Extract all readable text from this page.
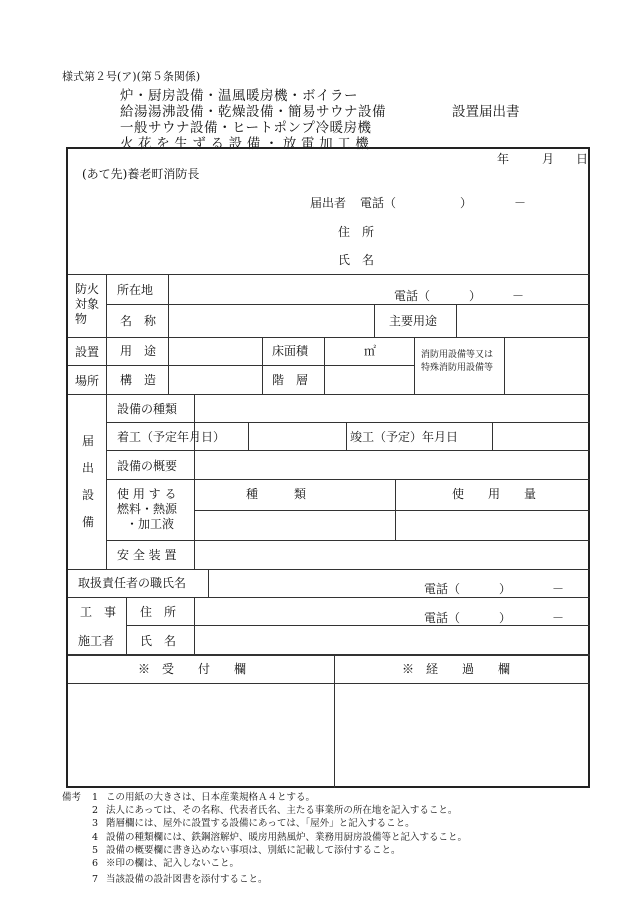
様式第２号(ア)(第５条関係)
炉・厨房設備・温風暖房機・ボイラー
給湯湯沸設備・乾燥設備・簡易サウナ設備
一般サウナ設備・ヒートポンプ冷暖房機
火花を生ずる設備・放電加工機
設置届出書
年	月 日
(あて先)養老町消防長
届出者 電話（	）	－
住　所
氏　名
防火
対象
物
所在地	電話（	）	－
名　称	主要用途
設置
場所
用　途	床面積	㎡	消防用設備等又は
特殊消防用設備等
構　造	階　層
届
出
設
備
設備の種類
着工（予定年月日）	竣工（予定）年月日
設備の概要
使 用 す る
燃料・熱源
・加工液
種　　　類	使　　用　　量
安 全 装 置
取扱責任者の職氏名	電話（	）	－
工　事
施工者
住　所	電話（	）	－
氏　名
※　受　　付　　欄	※　経　　過　　欄
備考 1 この用紙の大きさは、日本産業規格Ａ４とする。
2 法人にあっては、その名称、代表者氏名、主たる事業所の所在地を記入すること。
3 階層欄には、屋外に設置する設備にあっては、「屋外」と記入すること。
4 設備の種類欄には、鉄鋼溶解炉、暖房用熱風炉、業務用厨房設備等と記入すること。
5 設備の概要欄に書き込めない事項は、別紙に記載して添付すること。
6 ※印の欄は、記入しないこと。
7 当該設備の設計図書を添付すること。
